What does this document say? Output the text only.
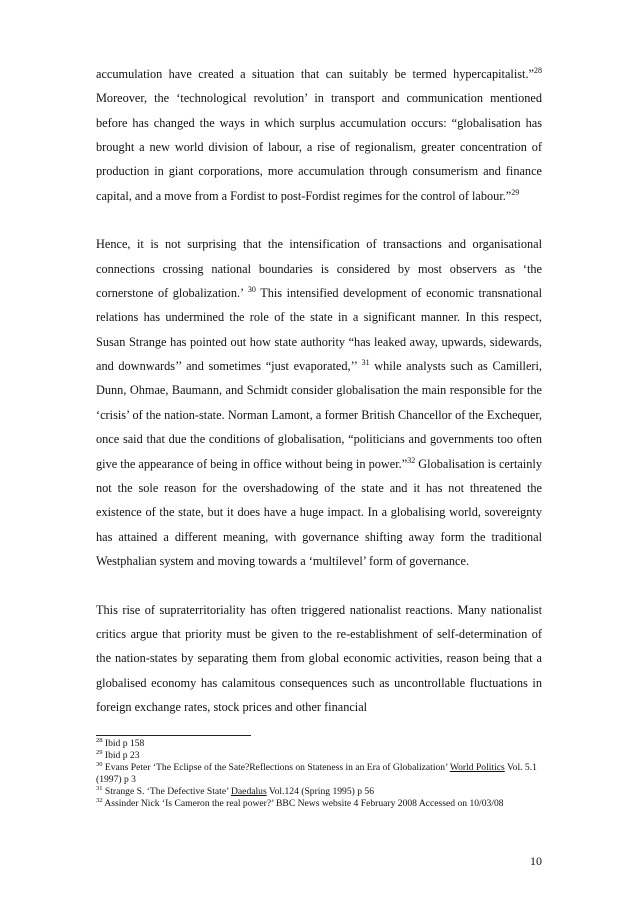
accumulation have created a situation that can suitably be termed hypercapitalist.”$^{28}$ Moreover, the ‘technological revolution’ in transport and communication mentioned before has changed the ways in which surplus accumulation occurs: “globalisation has brought a new world division of labour, a rise of regionalism, greater concentration of production in giant corporations, more accumulation through consumerism and finance capital, and a move from a Fordist to post-Fordist regimes for the control of labour.”$^{29}$

Hence, it is not surprising that the intensification of transactions and organisational connections crossing national boundaries is considered by most observers as ‘the cornerstone of globalization.’ $^{30}$ This intensified development of economic transnational relations has undermined the role of the state in a significant manner. In this respect, Susan Strange has pointed out how state authority “has leaked away, upwards, sidewards, and downwards’’ and sometimes “just evaporated,’’ $^{31}$ while analysts such as Camilleri, Dunn, Ohmae, Baumann, and Schmidt consider globalisation the main responsible for the ‘crisis’ of the nation-state. Norman Lamont, a former British Chancellor of the Exchequer, once said that due the conditions of globalisation, “politicians and governments too often give the appearance of being in office without being in power.”$^{32}$ Globalisation is certainly not the sole reason for the overshadowing of the state and it has not threatened the existence of the state, but it does have a huge impact. In a globalising world, sovereignty has attained a different meaning, with governance shifting away form the traditional Westphalian system and moving towards a ‘multilevel’ form of governance.

This rise of supraterritoriality has often triggered nationalist reactions. Many nationalist critics argue that priority must be given to the re-establishment of self-determination of the nation-states by separating them from global economic activities, reason being that a globalised economy has calamitous consequences such as uncontrollable fluctuations in foreign exchange rates, stock prices and other financial

$^{28}$ Ibid p 158
$^{29}$ Ibid p 23
$^{30}$ Evans Peter ‘The Eclipse of the Sate?Reflections on Stateness in an Era of Globalization’ World Politics Vol. 5.1 (1997) p 3
$^{31}$ Strange S. ‘The Defective State’ Daedalus Vol.124 (Spring 1995) p 56
$^{32}$ Assinder Nick ‘Is Cameron the real power?’ BBC News website 4 February 2008 Accessed on 10/03/08
10
